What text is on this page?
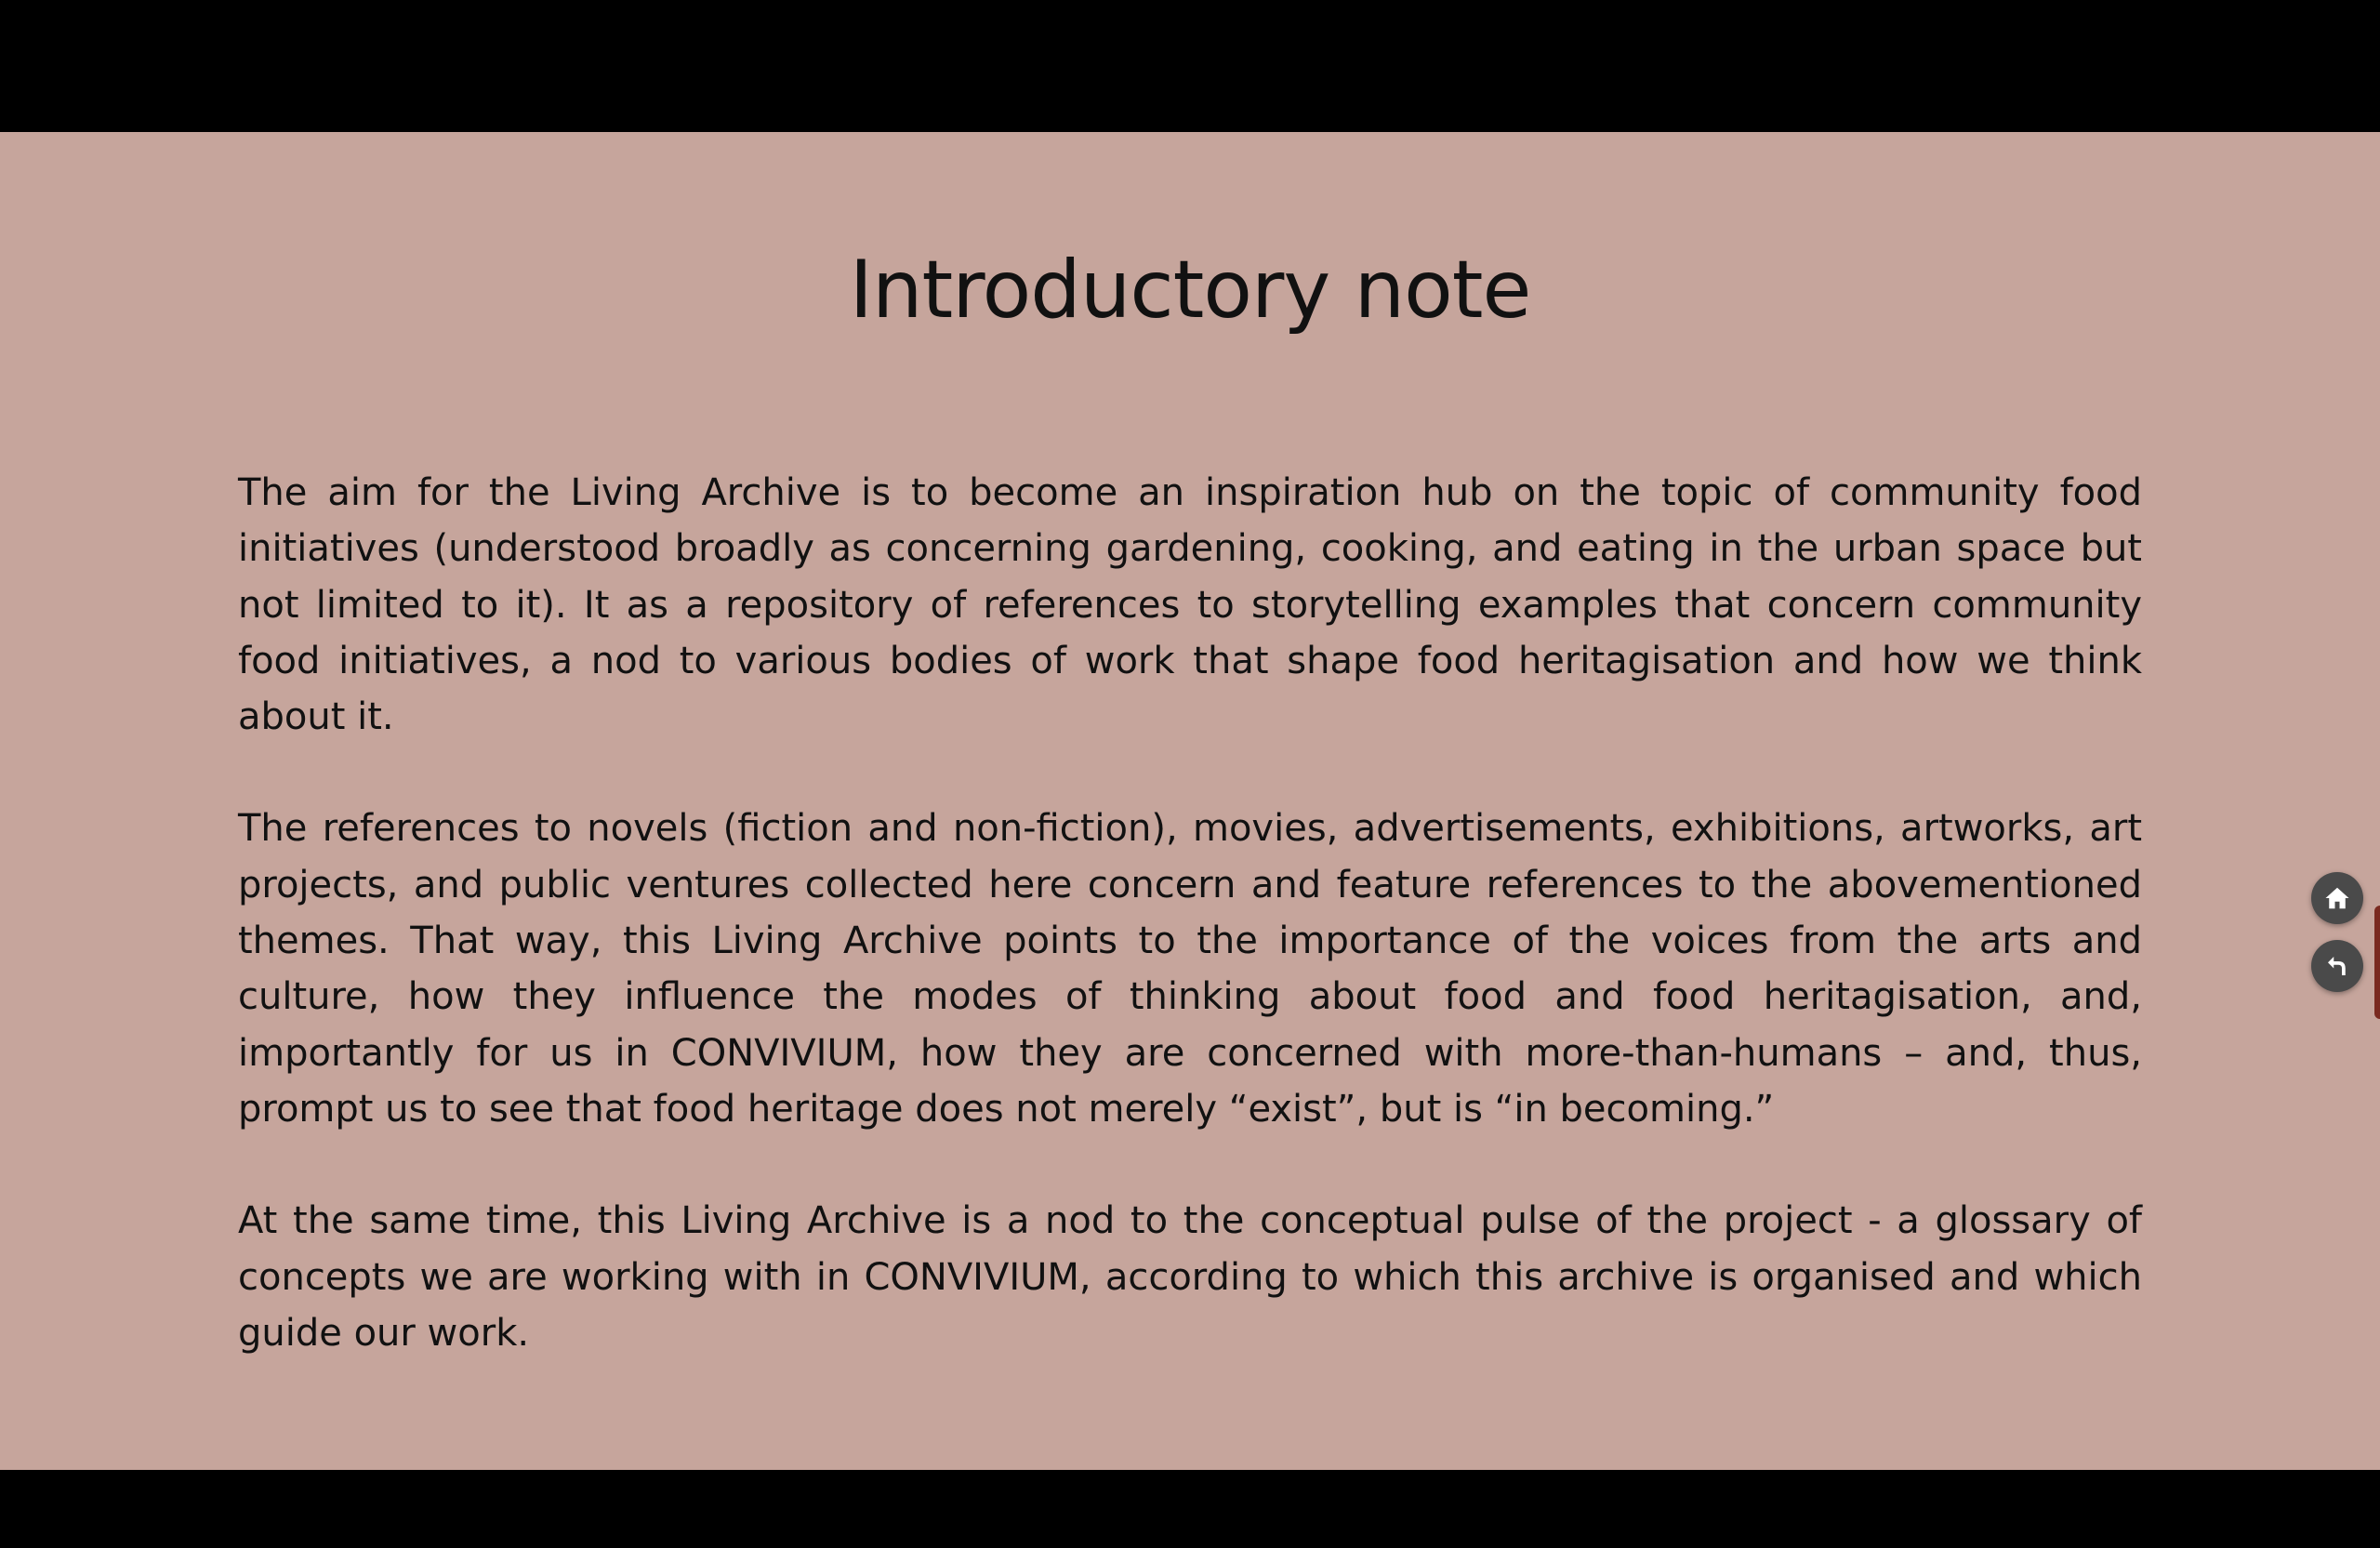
Introductory note

The aim for the Living Archive is to become an inspiration hub on the topic of community food initiatives (understood broadly as concerning gardening, cooking, and eating in the urban space but not limited to it). It as a repository of references to storytelling examples that concern community food initiatives, a nod to various bodies of work that shape food heritagisation and how we think about it.

The references to novels (fiction and non-fiction), movies, advertisements, exhibitions, artworks, art projects, and public ventures collected here concern and feature references to the abovementioned themes. That way, this Living Archive points to the importance of the voices from the arts and culture, how they influence the modes of thinking about food and food heritagisation, and, importantly for us in CONVIVIUM, how they are concerned with more-than-humans – and, thus, prompt us to see that food heritage does not merely “exist”, but is “in becoming.”

At the same time, this Living Archive is a nod to the conceptual pulse of the project - a glossary of concepts we are working with in CONVIVIUM, according to which this archive is organised and which guide our work.
